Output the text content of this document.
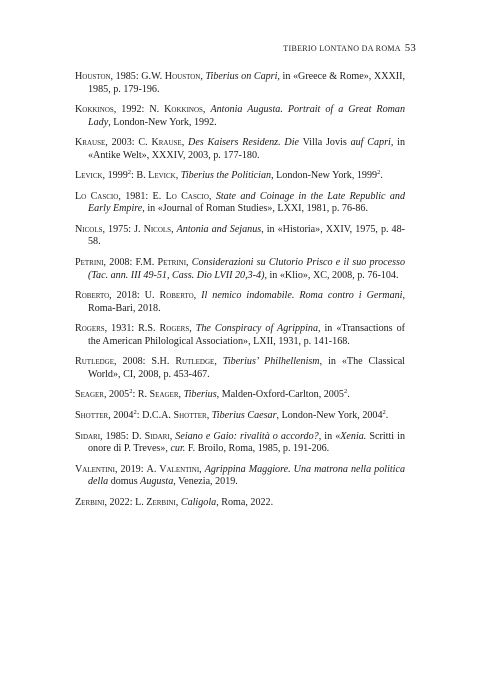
TIBERIO LONTANO DA ROMA 53

Houston, 1985: G.W. Houston, Tiberius on Capri, in «Greece & Rome», XXXII, 1985, p. 179-196.

Kokkinos, 1992: N. Kokkinos, Antonia Augusta. Portrait of a Great Roman Lady, London-New York, 1992.

Krause, 2003: C. Krause, Des Kaisers Residenz. Die Villa Jovis auf Capri, in «Antike Welt», XXXIV, 2003, p. 177-180.

Levick, 1999$^2$: B. Levick, Tiberius the Politician, London-New York, 1999$^2$.

Lo Cascio, 1981: E. Lo Cascio, State and Coinage in the Late Republic and Early Empire, in «Journal of Roman Studies», LXXI, 1981, p. 76-86.

Nicols, 1975: J. Nicols, Antonia and Sejanus, in «Historia», XXIV, 1975, p. 48-58.

Petrini, 2008: F.M. Petrini, Considerazioni su Clutorio Prisco e il suo processo (Tac. ann. III 49-51, Cass. Dio LVII 20,3-4), in «Klio», XC, 2008, p. 76-104.

Roberto, 2018: U. Roberto, Il nemico indomabile. Roma contro i Germani, Roma-Bari, 2018.

Rogers, 1931: R.S. Rogers, The Conspiracy of Agrippina, in «Transactions of the American Philological Association», LXII, 1931, p. 141-168.

Rutledge, 2008: S.H. Rutledge, Tiberius’ Philhellenism, in «The Classical World», CI, 2008, p. 453-467.

Seager, 2005$^2$: R. Seager, Tiberius, Malden-Oxford-Carlton, 2005$^2$.

Shotter, 2004$^2$: D.C.A. Shotter, Tiberius Caesar, London-New York, 2004$^2$.

Sidari, 1985: D. Sidari, Seiano e Gaio: rivalità o accordo?, in «Xenia. Scritti in onore di P. Treves», cur. F. Broilo, Roma, 1985, p. 191-206.

Valentini, 2019: A. Valentini, Agrippina Maggiore. Una matrona nella politica della domus Augusta, Venezia, 2019.

Zerbini, 2022: L. Zerbini, Caligola, Roma, 2022.
